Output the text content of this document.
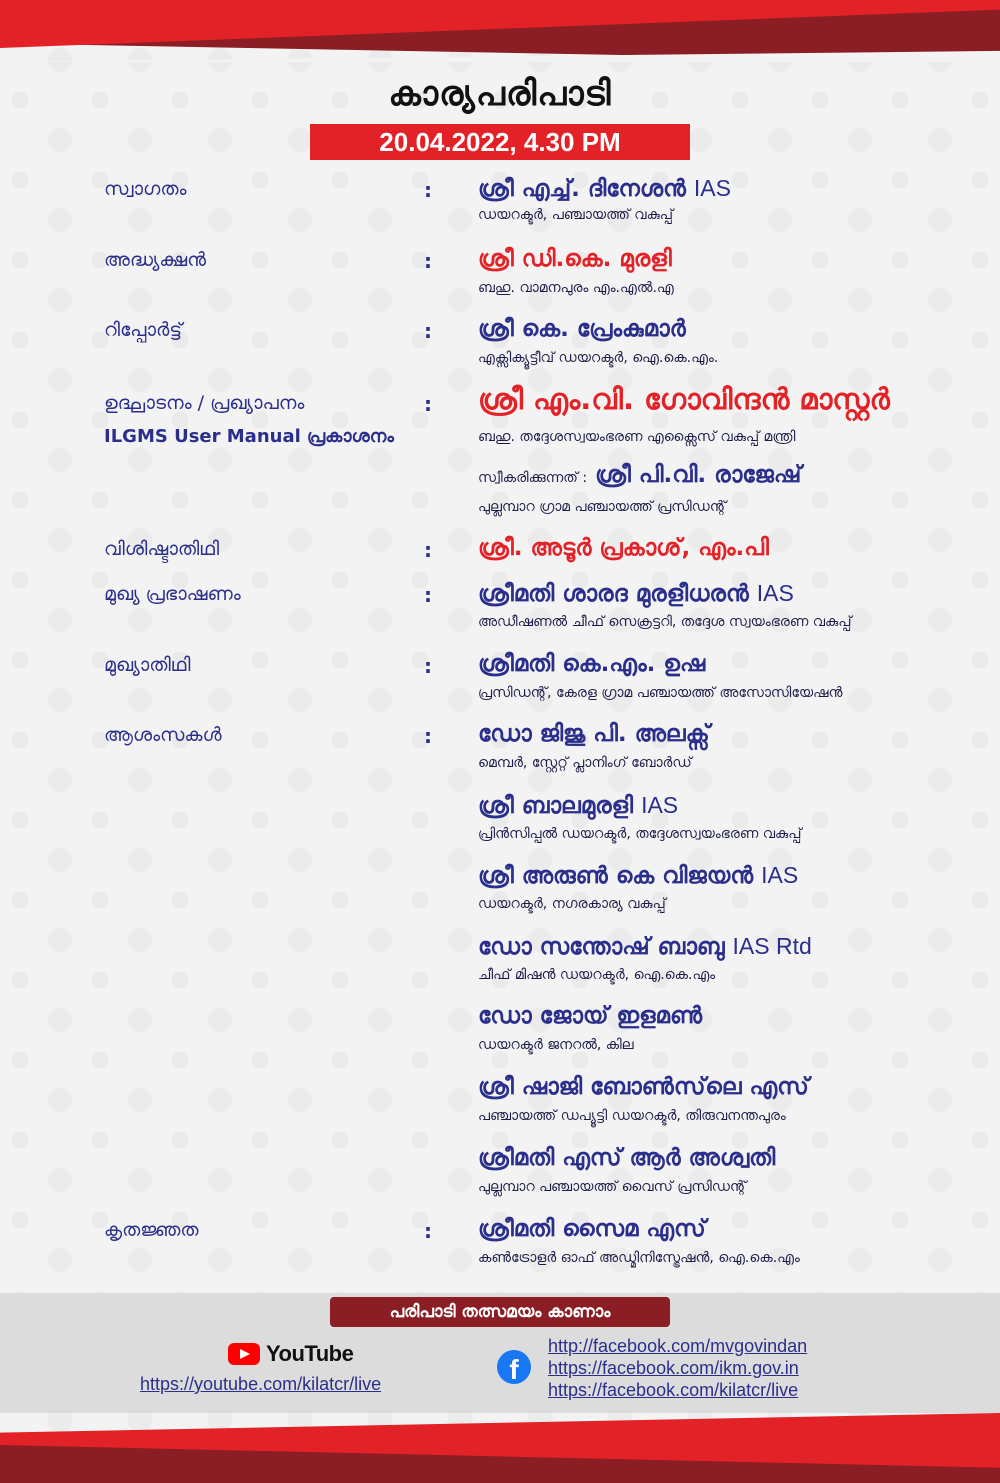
കാര്യപരിപാടി
20.04.2022, 4.30 PM
സ്വാഗതം	: ശ്രീ എച്ച്. ദിനേശൻ IAS
ഡയറക്ടർ, പഞ്ചായത്ത് വകുപ്പ്
അദ്ധ്യക്ഷൻ	: ശ്രീ ഡി.കെ. മുരളി
ബഹു. വാമനപുരം എം.എൽ.എ
റിപ്പോർട്ട്	: ശ്രീ കെ. പ്രേംകുമാർ
എക്സിക്യൂട്ടീവ് ഡയറക്ടർ, ഐ.കെ.എം.
ഉദ്ഘാടനം / പ്രഖ്യാപനം
ILGMS User Manual പ്രകാശനം
: ശ്രീ എം.വി. ഗോവിന്ദൻ മാസ്റ്റർ
ബഹു. തദ്ദേശസ്വയംഭരണ എക്സൈസ് വകുപ്പ് മന്ത്രി
സ്വീകരിക്കുന്നത് : ശ്രീ പി.വി. രാജേഷ്
പുല്ലമ്പാറ ഗ്രാമ പഞ്ചായത്ത് പ്രസിഡന്റ്
വിശിഷ്ടാതിഥി	: ശ്രീ. അടൂർ പ്രകാശ്, എം.പി
മുഖ്യ പ്രഭാഷണം	: ശ്രീമതി ശാരദ മുരളീധരൻ IAS
അഡീഷണൽ ചീഫ് സെക്രട്ടറി, തദ്ദേശ സ്വയംഭരണ വകുപ്പ്
മുഖ്യാതിഥി	: ശ്രീമതി കെ.എം. ഉഷ
പ്രസിഡന്റ്, കേരള ഗ്രാമ പഞ്ചായത്ത് അസോസിയേഷൻ
ആശംസകൾ	: ഡോ ജിജു പി. അലക്സ്
മെമ്പർ, സ്റ്റേറ്റ് പ്ലാനിംഗ് ബോർഡ്
ശ്രീ ബാലമുരളി IAS
പ്രിൻസിപ്പൽ ഡയറക്ടർ, തദ്ദേശസ്വയംഭരണ വകുപ്പ്
ശ്രീ അരുൺ കെ വിജയൻ IAS
ഡയറക്ടർ, നഗരകാര്യ വകുപ്പ്
ഡോ സന്തോഷ് ബാബു IAS Rtd
ചീഫ് മിഷൻ ഡയറക്ടർ, ഐ.കെ.എം
ഡോ ജോയ് ഇളമൺ
ഡയറക്ടർ ജനറൽ, കില
ശ്രീ ഷാജി ബോൺസ്‌ലെ എസ്
പഞ്ചായത്ത് ഡപ്യൂട്ടി ഡയറക്ടർ, തിരുവനന്തപുരം
ശ്രീമതി എസ് ആർ അശ്വതി
പുല്ലമ്പാറ പഞ്ചായത്ത് വൈസ് പ്രസിഡന്റ്
കൃതജ്ഞത	: ശ്രീമതി സൈമ എസ്
കൺട്രോളർ ഓഫ് അഡ്മിനിസ്ട്രേഷൻ, ഐ.കെ.എം
പരിപാടി തത്സമയം കാണാം
YouTube
https://youtube.com/kilatcr/live	f
http://facebook.com/mvgovindan
https://facebook.com/ikm.gov.in
https://facebook.com/kilatcr/live
